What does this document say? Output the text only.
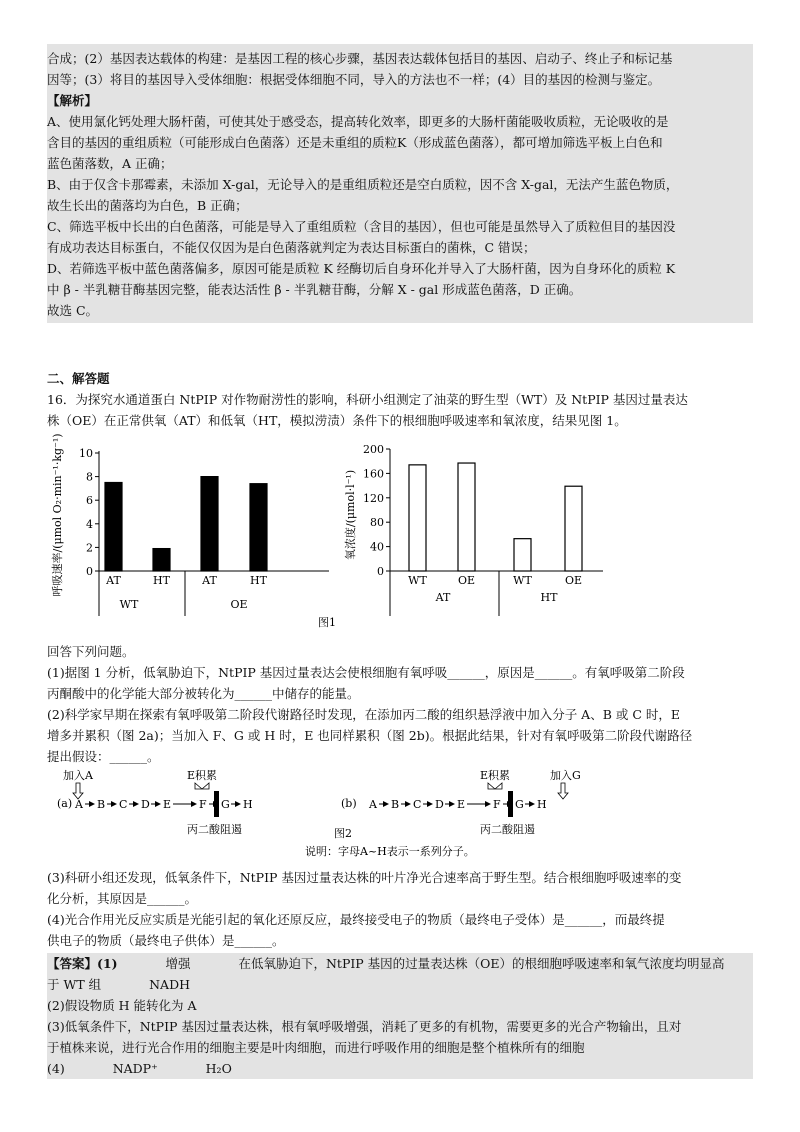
合成；(2）基因表达载体的构建：是基因工程的核心步骤，基因表达载体包括目的基因、启动子、终止子和标记基

因等；(3）将目的基因导入受体细胞：根据受体细胞不同，导入的方法也不一样；(4）目的基因的检测与鉴定。

【解析】

A、使用氯化钙处理大肠杆菌，可使其处于感受态，提高转化效率，即更多的大肠杆菌能吸收质粒，无论吸收的是

含目的基因的重组质粒（可能形成白色菌落）还是未重组的质粒K（形成蓝色菌落），都可增加筛选平板上白色和

蓝色菌落数，A 正确；

B、由于仅含卡那霉素，未添加 X-gal，无论导入的是重组质粒还是空白质粒，因不含 X-gal，无法产生蓝色物质，

故生长出的菌落均为白色，B 正确；

C、筛选平板中长出的白色菌落，可能是导入了重组质粒（含目的基因），但也可能是虽然导入了质粒但目的基因没

有成功表达目标蛋白，不能仅仅因为是白色菌落就判定为表达目标蛋白的菌株，C 错误；

D、若筛选平板中蓝色菌落偏多，原因可能是质粒 K 经酶切后自身环化并导入了大肠杆菌，因为自身环化的质粒 K

中 β - 半乳糖苷酶基因完整，能表达活性 β - 半乳糖苷酶，分解 X - gal 形成蓝色菌落，D 正确。

故选 C。

二、解答题

16．为探究水通道蛋白 NtPIP 对作物耐涝性的影响，科研小组测定了油菜的野生型（WT）及 NtPIP 基因过量表达

株（OE）在正常供氧（AT）和低氧（HT，模拟涝渍）条件下的根细胞呼吸速率和氧浓度，结果见图 1。

0
2
4
6
8
10
AT	HT	AT	HT
呼吸速率/(μmol O₂·min⁻¹·kg⁻¹)
WT	OE
0
40
80
120
160
200
WT	OE	WT	OE
氧浓度/(μmol·l⁻¹)
AT	HT
图1

回答下列问题。

(1)据图 1 分析，低氧胁迫下，NtPIP 基因过量表达会使根细胞有氧呼吸______，原因是______。有氧呼吸第二阶段

丙酮酸中的化学能大部分被转化为______中储存的能量。

(2)科学家早期在探索有氧呼吸第二阶段代谢路径时发现，在添加丙二酸的组织悬浮液中加入分子 A、B 或 C 时，E

增多并累积（图 2a)；当加入 F、G 或 H 时，E 也同样累积（图 2b)。根据此结果，针对有氧呼吸第二阶段代谢路径

提出假设：______。

加入A	E积累
(a) A B C D E	F G H
丙二酸阻遏
E积累	加入G
(b) A B C D E	F G H
丙二酸阻遏
图2
说明：字母A~H表示一系列分子。

(3)科研小组还发现，低氧条件下，NtPIP 基因过量表达株的叶片净光合速率高于野生型。结合根细胞呼吸速率的变

化分析，其原因是______。

(4)光合作用光反应实质是光能引起的氧化还原反应，最终接受电子的物质（最终电子受体）是______，而最终提

供电子的物质（最终电子供体）是______。

【答案】(1)	增强	在低氧胁迫下，NtPIP 基因的过量表达株（OE）的根细胞呼吸速率和氧气浓度均明显高

于 WT 组	NADH

(2)假设物质 H 能转化为 A

(3)低氧条件下，NtPIP 基因过量表达株，根有氧呼吸增强，消耗了更多的有机物，需要更多的光合产物输出，且对

于植株来说，进行光合作用的细胞主要是叶肉细胞，而进行呼吸作用的细胞是整个植株所有的细胞

(4)	NADP⁺	H₂O
